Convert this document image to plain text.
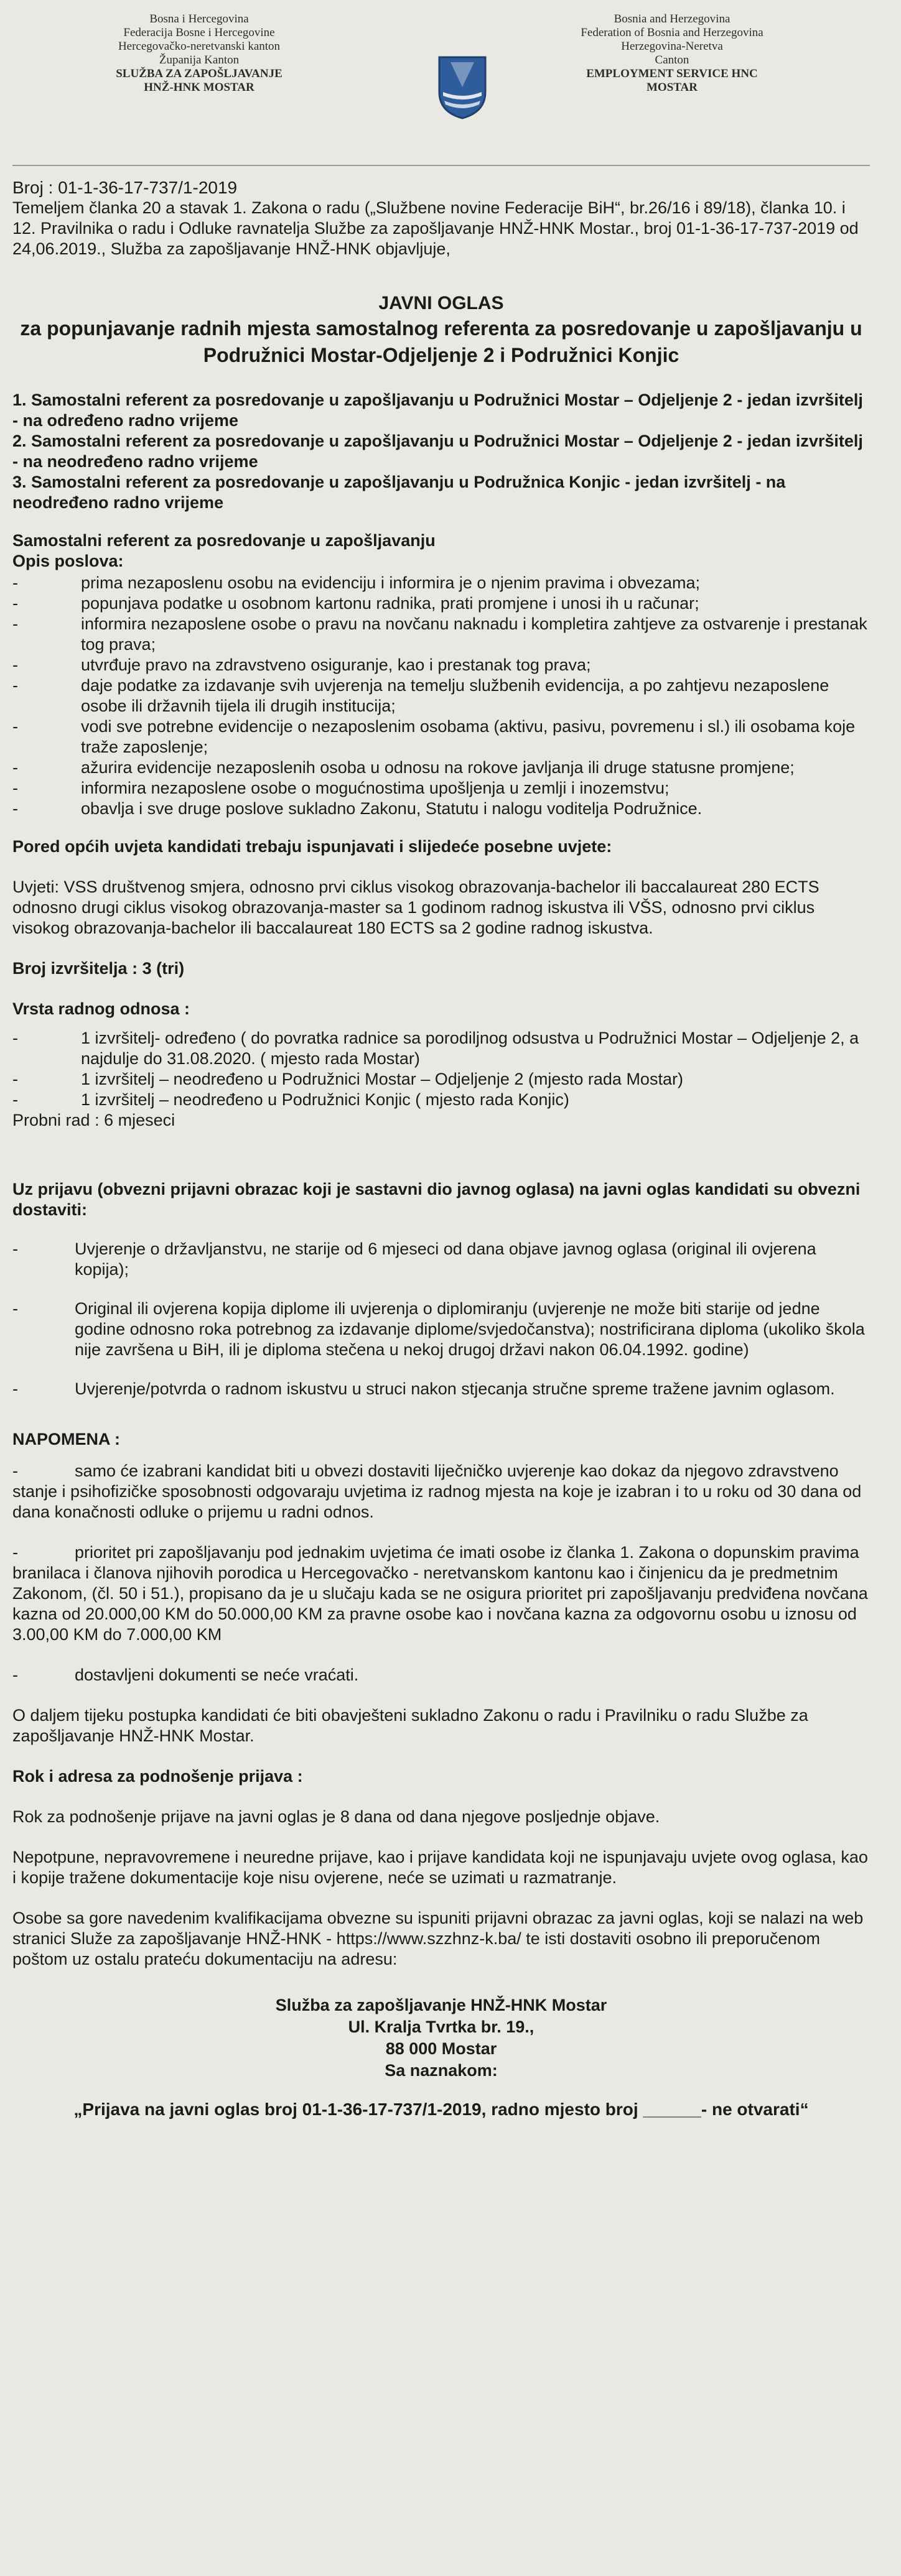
Bosna i Hercegovina
Federacija Bosne i Hercegovine
Hercegovačko-neretvanski kanton
Županija Kanton
SLUŽBA ZA ZAPOŠLJAVANJE
HNŽ-HNK MOSTAR
Bosnia and Herzegovina
Federation of Bosnia and Herzegovina
Herzegovina-Neretva
Canton
EMPLOYMENT SERVICE HNC
MOSTAR

Broj : 01-1-36-17-737/1-2019

Temeljem članka 20 a stavak 1. Zakona o radu („Službene novine Federacije BiH“, br.26/16 i 89/18), članka 10. i 12. Pravilnika o radu i Odluke ravnatelja Službe za zapošljavanje HNŽ-HNK Mostar., broj 01-1-36-17-737-2019 od 24,06.2019., Služba za zapošljavanje HNŽ-HNK objavljuje,

JAVNI OGLAS
za popunjavanje radnih mjesta samostalnog referenta za posredovanje u zapošljavanju u Podružnici Mostar-Odjeljenje 2 i Podružnici Konjic

1. Samostalni referent za posredovanje u zapošljavanju u Podružnici Mostar – Odjeljenje 2 - jedan izvršitelj - na određeno radno vrijeme

2. Samostalni referent za posredovanje u zapošljavanju u Podružnici Mostar – Odjeljenje 2 - jedan izvršitelj - na neodređeno radno vrijeme

3. Samostalni referent za posredovanje u zapošljavanju u Podružnica Konjic - jedan izvršitelj - na neodređeno radno vrijeme

Samostalni referent za posredovanje u zapošljavanju

Opis poslova:

-	prima nezaposlenu osobu na evidenciju i informira je o njenim pravima i obvezama;
-	popunjava podatke u osobnom kartonu radnika, prati promjene i unosi ih u računar;
-	informira nezaposlene osobe o pravu na novčanu naknadu i kompletira zahtjeve za ostvarenje i prestanak tog prava;
-	utvrđuje pravo na zdravstveno osiguranje, kao i prestanak tog prava;
-	daje podatke za izdavanje svih uvjerenja na temelju službenih evidencija, a po zahtjevu nezaposlene osobe ili državnih tijela ili drugih institucija;
-	vodi sve potrebne evidencije o nezaposlenim osobama (aktivu, pasivu, povremenu i sl.) ili osobama koje traže zaposlenje;
-	ažurira evidencije nezaposlenih osoba u odnosu na rokove javljanja ili druge statusne promjene;
-	informira nezaposlene osobe o mogućnostima upošljenja u zemlji i inozemstvu;
-	obavlja i sve druge poslove sukladno Zakonu, Statutu i nalogu voditelja Podružnice.

Pored općih uvjeta kandidati trebaju ispunjavati i slijedeće posebne uvjete:

Uvjeti: VSS društvenog smjera, odnosno prvi ciklus visokog obrazovanja-bachelor ili baccalaureat 280 ECTS odnosno drugi ciklus visokog obrazovanja-master sa 1 godinom radnog iskustva ili VŠS, odnosno prvi ciklus visokog obrazovanja-bachelor ili baccalaureat 180 ECTS sa 2 godine radnog iskustva.

Broj izvršitelja : 3 (tri)

Vrsta radnog odnosa :

-	1 izvršitelj- određeno ( do povratka radnice sa porodiljnog odsustva u Podružnici Mostar – Odjeljenje 2, a najdulje do 31.08.2020. ( mjesto rada Mostar)
-	1 izvršitelj – neodređeno u Podružnici Mostar – Odjeljenje 2 (mjesto rada Mostar)
-	1 izvršitelj – neodređeno u Podružnici Konjic ( mjesto rada Konjic)

Probni rad : 6 mjeseci

Uz prijavu (obvezni prijavni obrazac koji je sastavni dio javnog oglasa) na javni oglas kandidati su obvezni dostaviti:

-	Uvjerenje o državljanstvu, ne starije od 6 mjeseci od dana objave javnog oglasa (original ili ovjerena kopija);
-	Original ili ovjerena kopija diplome ili uvjerenja o diplomiranju (uvjerenje ne može biti starije od jedne godine odnosno roka potrebnog za izdavanje diplome/svjedočanstva); nostrificirana diploma (ukoliko škola nije završena u BiH, ili je diploma stečena u nekoj drugoj državi nakon 06.04.1992. godine)
-	Uvjerenje/potvrda o radnom iskustvu u struci nakon stjecanja stručne spreme tražene javnim oglasom.

NAPOMENA :

-	samo će izabrani kandidat biti u obvezi dostaviti liječničko uvjerenje kao dokaz da njegovo zdravstveno stanje i psihofizičke sposobnosti odgovaraju uvjetima iz radnog mjesta na koje je izabran i to u roku od 30 dana od dana konačnosti odluke o prijemu u radni odnos.
-	prioritet pri zapošljavanju pod jednakim uvjetima će imati osobe iz članka 1. Zakona o dopunskim pravima branilaca i članova njihovih porodica u Hercegovačko - neretvanskom kantonu kao i činjenicu da je predmetnim Zakonom, (čl. 50 i 51.), propisano da je u slučaju kada se ne osigura prioritet pri zapošljavanju predviđena novčana kazna od 20.000,00 KM do 50.000,00 KM za pravne osobe kao i novčana kazna za odgovornu osobu u iznosu od 3.00,00 KM do 7.000,00 KM
-	dostavljeni dokumenti se neće vraćati.

O daljem tijeku postupka kandidati će biti obavješteni sukladno Zakonu o radu i Pravilniku o radu Službe za zapošljavanje HNŽ-HNK Mostar.

Rok i adresa za podnošenje prijava :

Rok za podnošenje prijave na javni oglas je 8 dana od dana njegove posljednje objave.

Nepotpune, nepravovremene i neuredne prijave, kao i prijave kandidata koji ne ispunjavaju uvjete ovog oglasa, kao i kopije tražene dokumentacije koje nisu ovjerene, neće se uzimati u razmatranje.

Osobe sa gore navedenim kvalifikacijama obvezne su ispuniti prijavni obrazac za javni oglas, koji se nalazi na web stranici Služe za zapošljavanje HNŽ-HNK - https://www.szzhnz-k.ba/ te isti dostaviti osobno ili preporučenom poštom uz ostalu prateću dokumentaciju na adresu:

Služba za zapošljavanje HNŽ-HNK Mostar
Ul. Kralja Tvrtka br. 19.,
88 000 Mostar
Sa naznakom:

„Prijava na javni oglas broj 01-1-36-17-737/1-2019, radno mjesto broj ______- ne otvarati“
